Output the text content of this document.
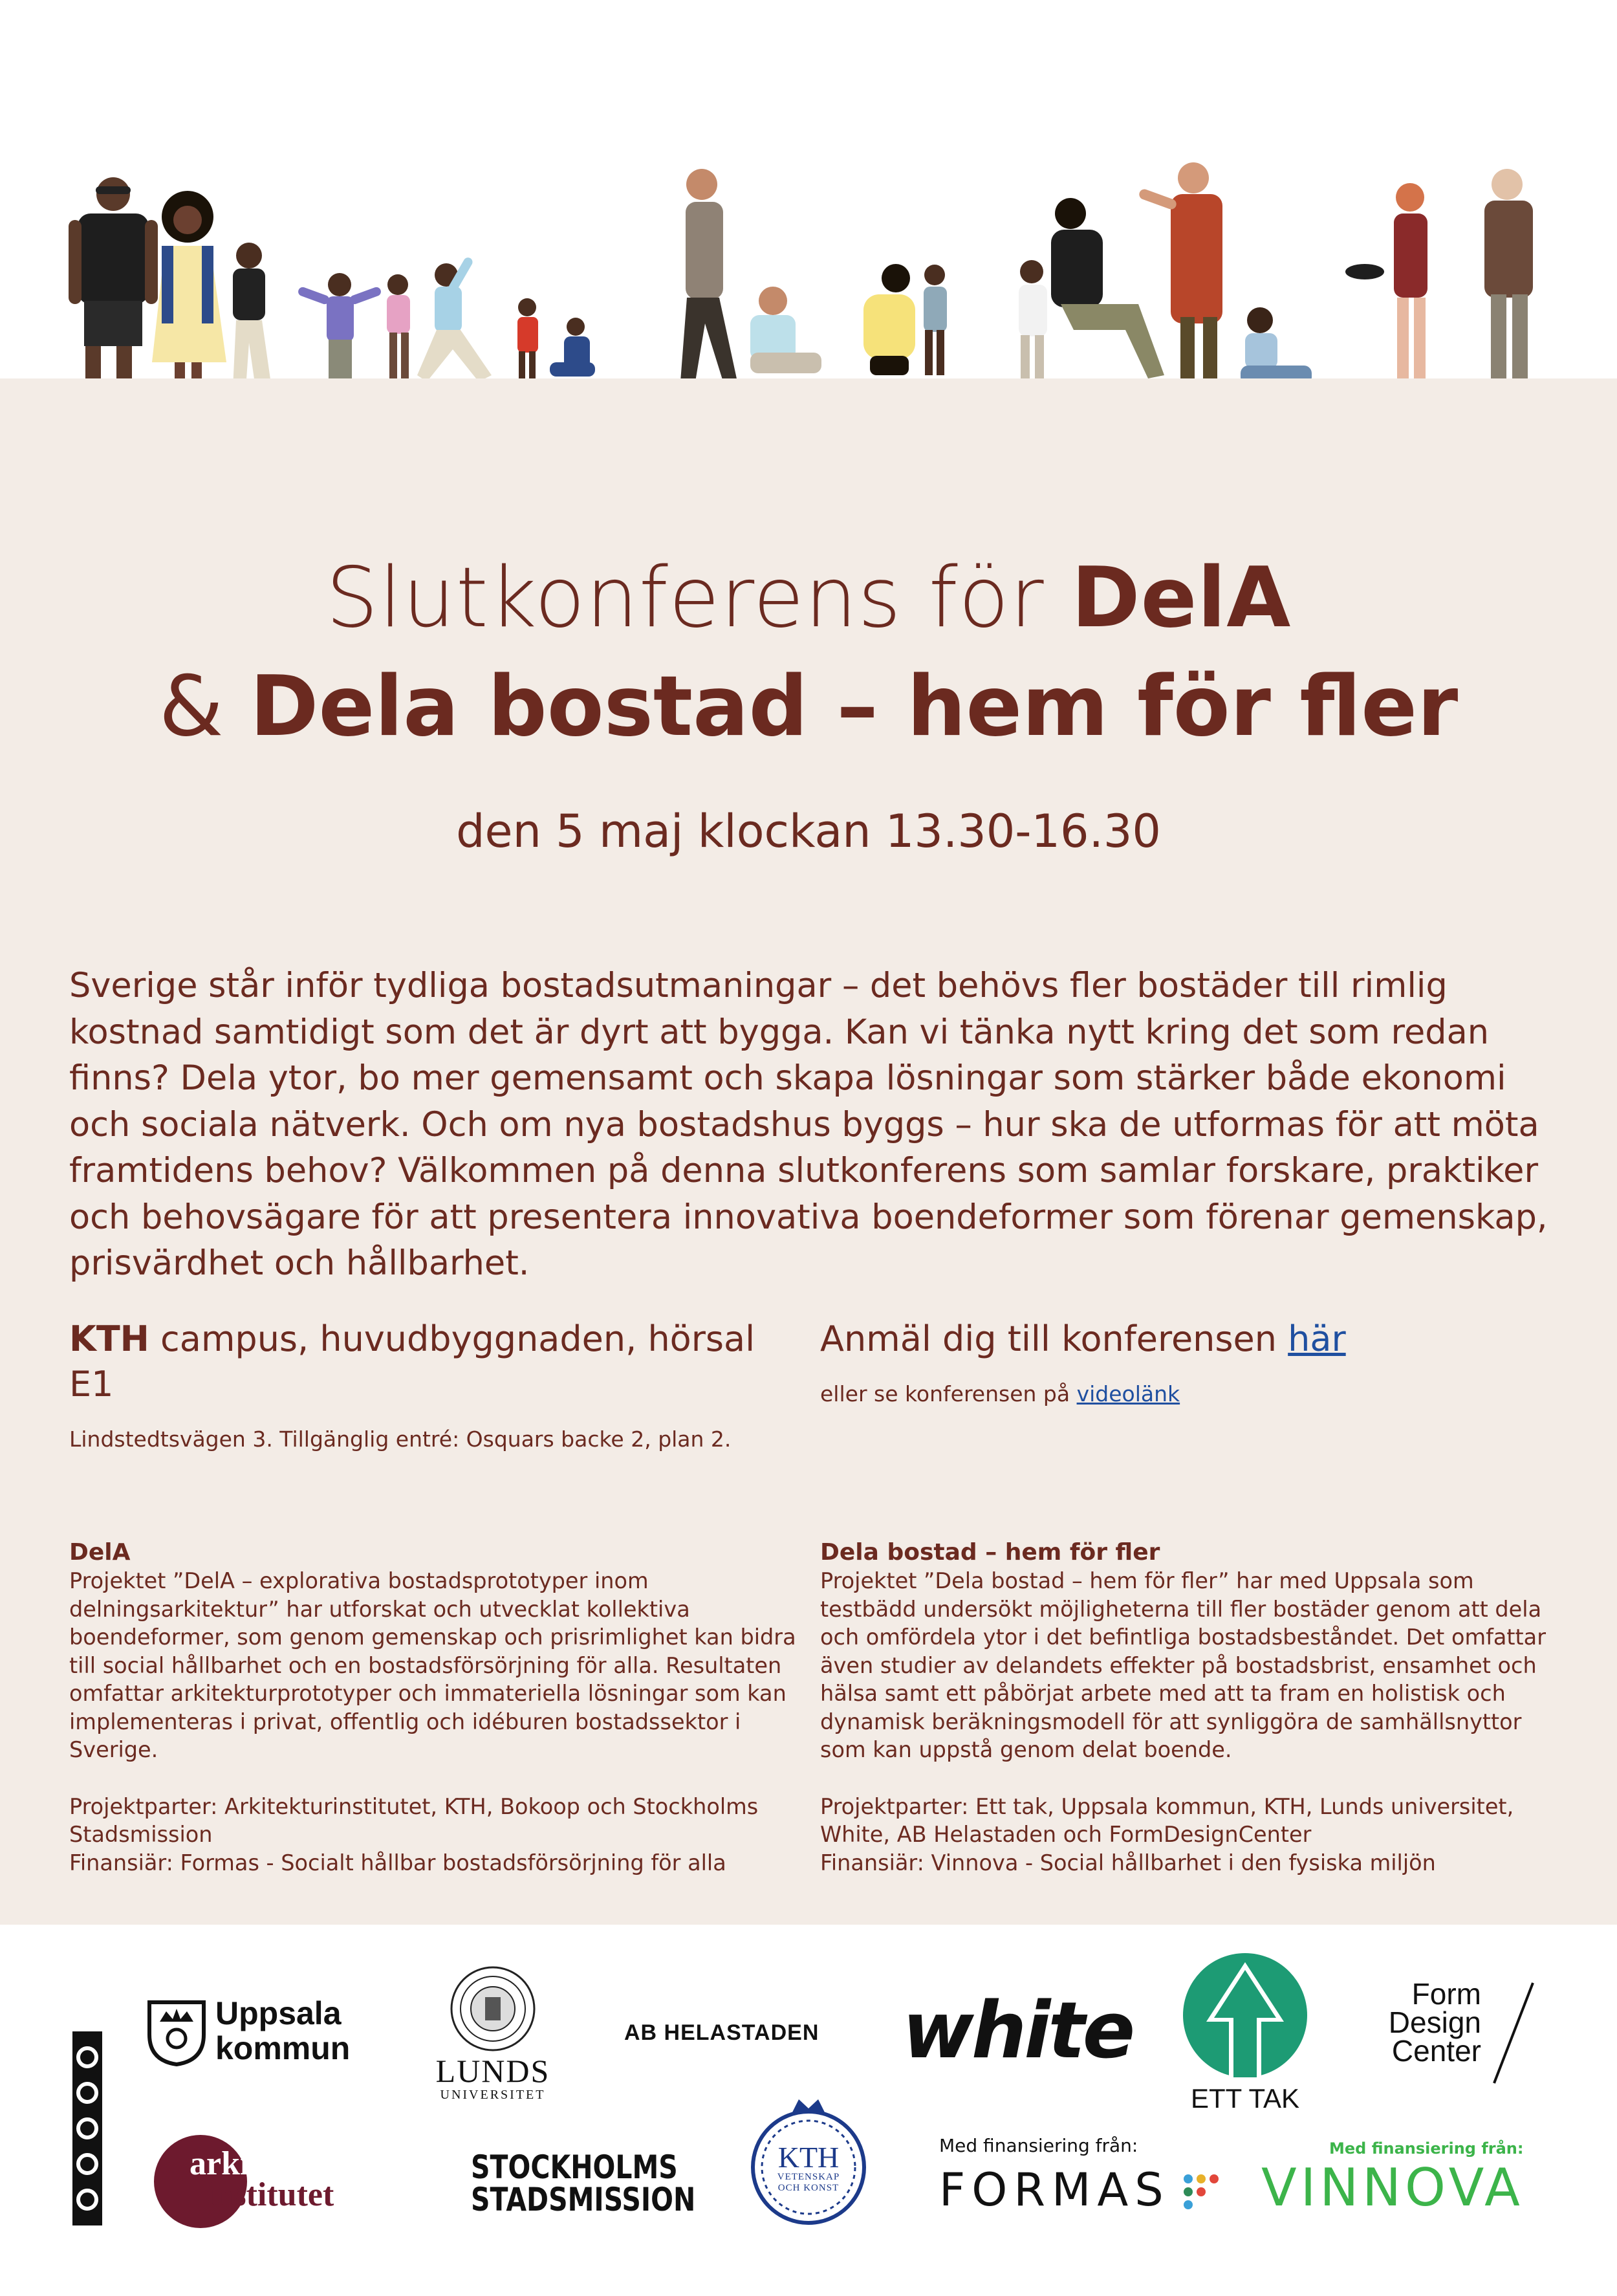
Slutkonferens för DelA
& Dela bostad – hem för fler
den 5 maj klockan 13.30-16.30
Sverige står inför tydliga bostadsutmaningar – det behövs fler bostäder till rimlig kostnad samtidigt som det är dyrt att bygga. Kan vi tänka nytt kring det som redan finns? Dela ytor, bo mer gemensamt och skapa lösningar som stärker både ekonomi och sociala nätverk. Och om nya bostadshus byggs – hur ska de utformas för att möta framtidens behov? Välkommen på denna slutkonferens som samlar forskare, praktiker och behovsägare för att presentera innovativa boendeformer som förenar gemenskap, prisvärdhet och hållbarhet.
KTH campus, huvudbyggnaden, hörsal E1
Lindstedtsvägen 3. Tillgänglig entré: Osquars backe 2, plan 2.
Anmäl dig till konferensen här
eller se konferensen på videolänk
DelA
Projektet ”DelA – explorativa bostadsprototyper inom delningsarkitektur” har utforskat och utvecklat kollektiva boendeformer, som genom gemenskap och prisrimlighet kan bidra till social hållbarhet och en bostadsförsörjning för alla. Resultaten omfattar arkitekturprototyper och immateriella lösningar som kan implementeras i privat, offentlig och idéburen bostadssektor i Sverige.
Projektparter: Arkitekturinstitutet, KTH, Bokoop och Stockholms Stadsmission
Finansiär: Formas - Socialt hållbar bostadsförsörjning för alla
Dela bostad – hem för fler
Projektet ”Dela bostad – hem för fler” har med Uppsala som testbädd undersökt möjligheterna till fler bostäder genom att dela och omfördela ytor i det befintliga bostadsbeståndet. Det omfattar även studier av delandets effekter på bostadsbrist, ensamhet och hälsa samt ett påbörjat arbete med att ta fram en holistisk och dynamisk beräkningsmodell för att synliggöra de samhällsnyttor som kan uppstå genom delat boende.
Projektparter: Ett tak, Uppsala kommun, KTH, Lunds universitet, White, AB Helastaden och FormDesignCenter
Finansiär: Vinnova - Social hållbarhet i den fysiska miljön
Uppsala
kommun
LUNDS
UNIVERSITET
AB HELASTADEN white
ETT TAK
Form
Design
Center
arkitektur
institutet
STOCKHOLMS
STADSMISSION
KTH
VETENSKAP
OCH KONST
Med finansiering från:
FORMAS
Med finansiering från:
VINNOVA
